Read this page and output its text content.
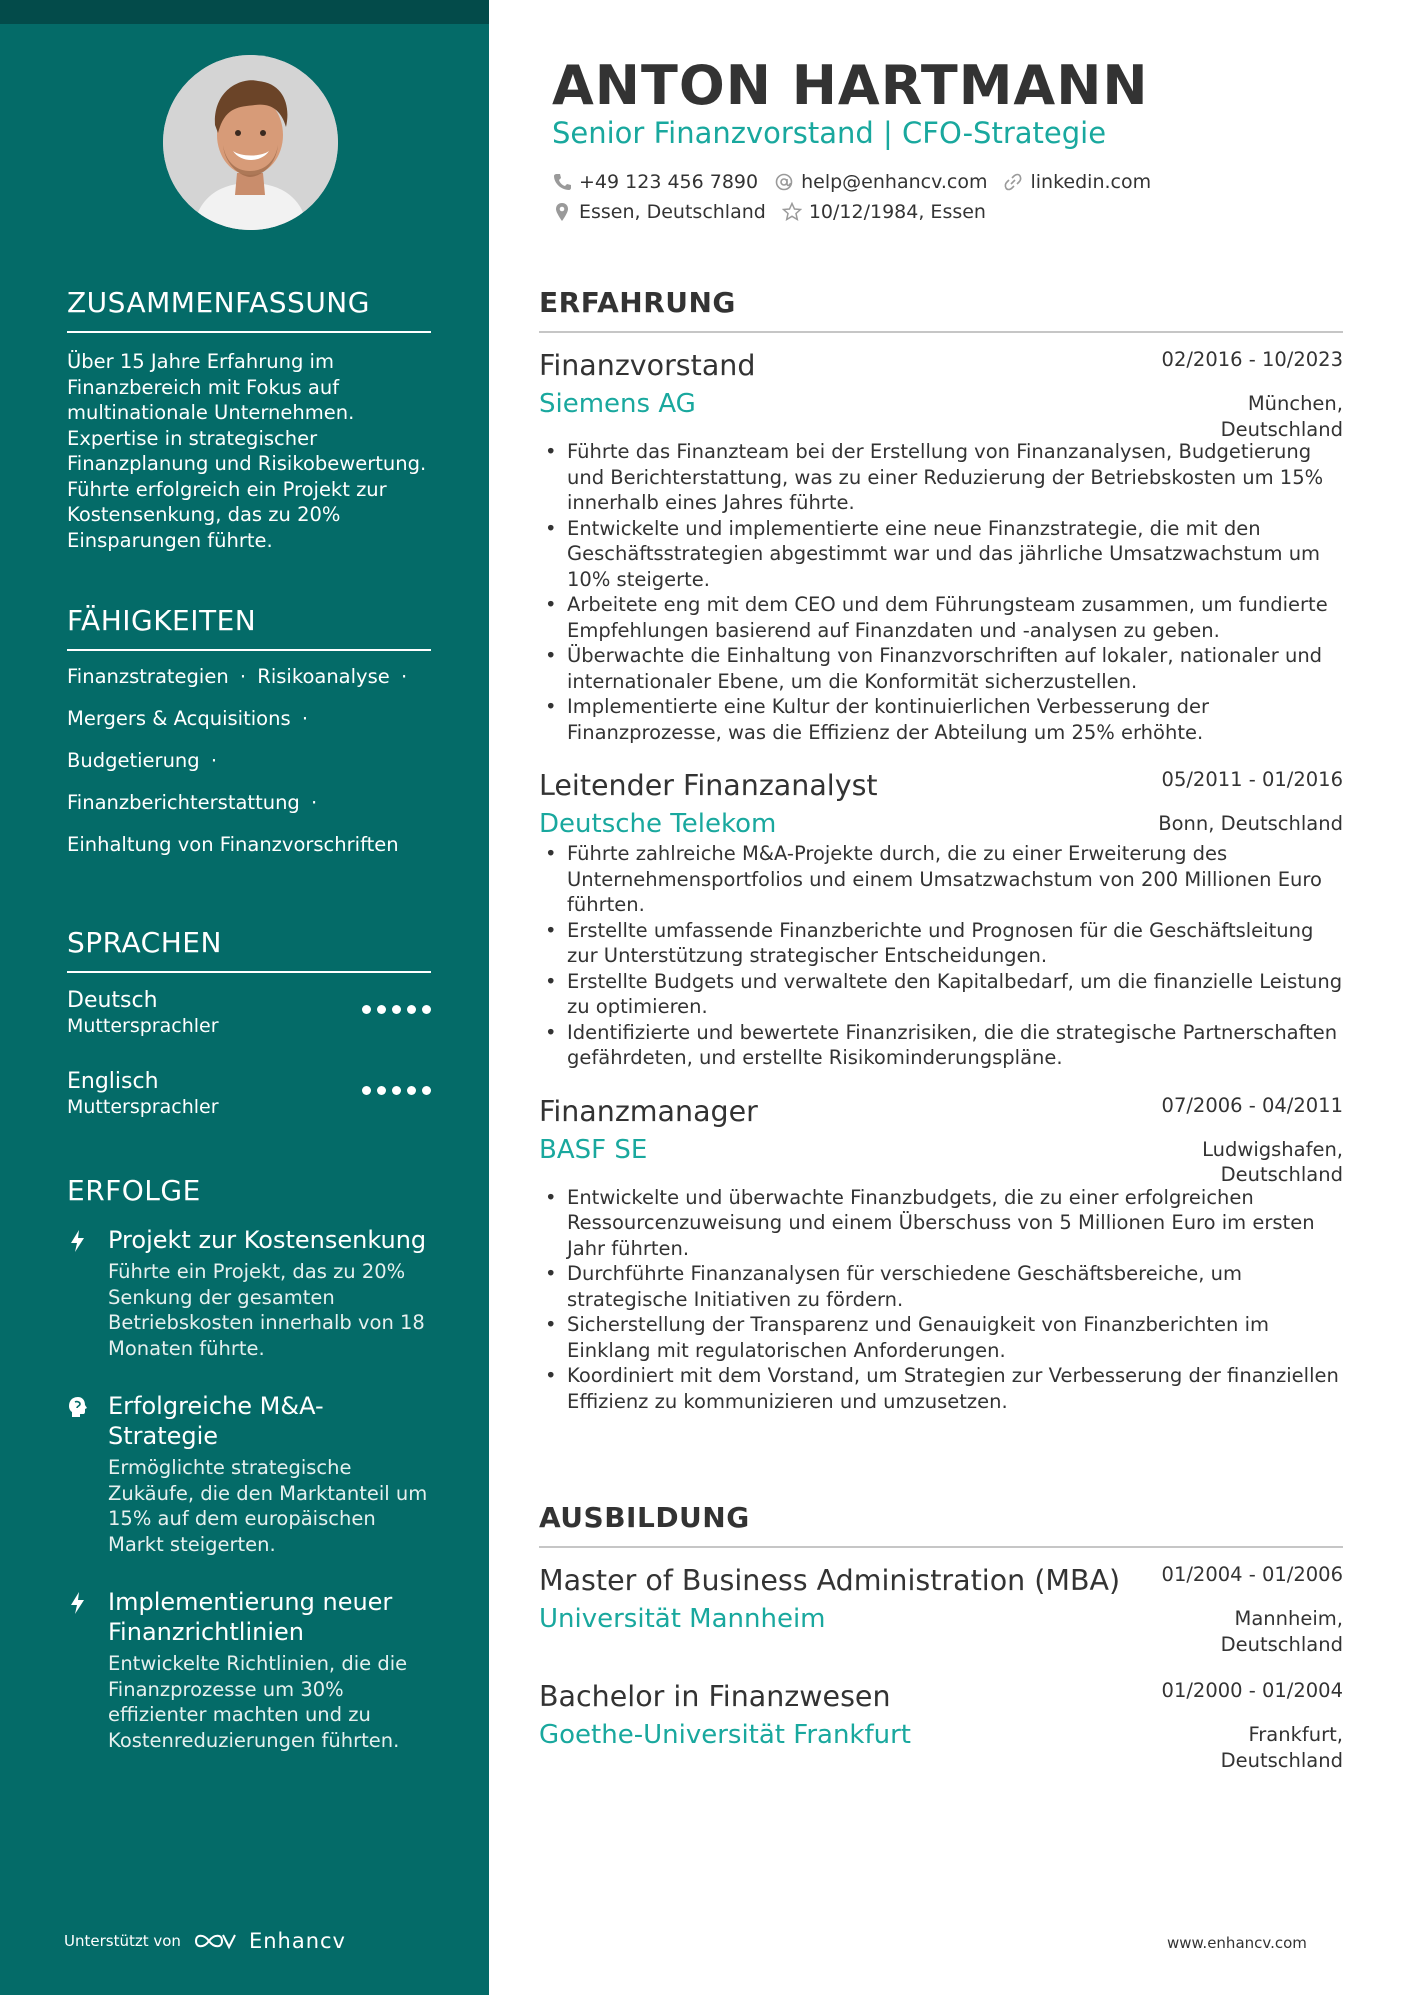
ZUSAMMENFASSUNG

Über 15 Jahre Erfahrung im Finanzbereich mit Fokus auf multinationale Unternehmen. Expertise in strategischer Finanzplanung und Risikobewertung. Führte erfolgreich ein Projekt zur Kostensenkung, das zu 20% Einsparungen führte.

FÄHIGKEITEN
Finanzstrategien · Risikoanalyse ·
Mergers & Acquisitions ·
Budgetierung ·
Finanzberichterstattung ·
Einhaltung von Finanzvorschriften
SPRACHEN
Deutsch
Muttersprachler
Englisch
Muttersprachler
ERFOLGE
Projekt zur Kostensenkung
Führte ein Projekt, das zu 20% Senkung der gesamten Betriebskosten innerhalb von 18 Monaten führte.
Erfolgreiche M&A-Strategie
Ermöglichte strategische Zukäufe, die den Marktanteil um 15% auf dem europäischen Markt steigerten.
Implementierung neuer Finanzrichtlinien
Entwickelte Richtlinien, die die Finanzprozesse um 30% effizienter machten und zu Kostenreduzierungen führten.
Unterstützt von	Enhancv
ANTON HARTMANN
Senior Finanzvorstand | CFO-Strategie
+49 123 456 7890 help@enhancv.com linkedin.com
Essen, Deutschland 10/12/1984, Essen
ERFAHRUNG
Finanzvorstand	02/2016 - 10/2023
Siemens AG	München,
Deutschland
• Führte das Finanzteam bei der Erstellung von Finanzanalysen, Budgetierung und Berichterstattung, was zu einer Reduzierung der Betriebskosten um 15% innerhalb eines Jahres führte.
• Entwickelte und implementierte eine neue Finanzstrategie, die mit den Geschäftsstrategien abgestimmt war und das jährliche Umsatzwachstum um 10% steigerte.
• Arbeitete eng mit dem CEO und dem Führungsteam zusammen, um fundierte Empfehlungen basierend auf Finanzdaten und -analysen zu geben.
• Überwachte die Einhaltung von Finanzvorschriften auf lokaler, nationaler und internationaler Ebene, um die Konformität sicherzustellen.
• Implementierte eine Kultur der kontinuierlichen Verbesserung der Finanzprozesse, was die Effizienz der Abteilung um 25% erhöhte.
Leitender Finanzanalyst	05/2011 - 01/2016
Deutsche Telekom	Bonn, Deutschland
• Führte zahlreiche M&A-Projekte durch, die zu einer Erweiterung des Unternehmensportfolios und einem Umsatzwachstum von 200 Millionen Euro führten.
• Erstellte umfassende Finanzberichte und Prognosen für die Geschäftsleitung zur Unterstützung strategischer Entscheidungen.
• Erstellte Budgets und verwaltete den Kapitalbedarf, um die finanzielle Leistung zu optimieren.
• Identifizierte und bewertete Finanzrisiken, die die strategische Partnerschaften gefährdeten, und erstellte Risikominderungspläne.
Finanzmanager	07/2006 - 04/2011
BASF SE	Ludwigshafen,
Deutschland
• Entwickelte und überwachte Finanzbudgets, die zu einer erfolgreichen Ressourcenzuweisung und einem Überschuss von 5 Millionen Euro im ersten Jahr führten.
• Durchführte Finanzanalysen für verschiedene Geschäftsbereiche, um strategische Initiativen zu fördern.
• Sicherstellung der Transparenz und Genauigkeit von Finanzberichten im Einklang mit regulatorischen Anforderungen.
• Koordiniert mit dem Vorstand, um Strategien zur Verbesserung der finanziellen Effizienz zu kommunizieren und umzusetzen.
AUSBILDUNG
Master of Business Administration (MBA)	01/2004 - 01/2006
Universität Mannheim	Mannheim,
Deutschland
Bachelor in Finanzwesen	01/2000 - 01/2004
Goethe-Universität Frankfurt	Frankfurt,
Deutschland
www.enhancv.com
